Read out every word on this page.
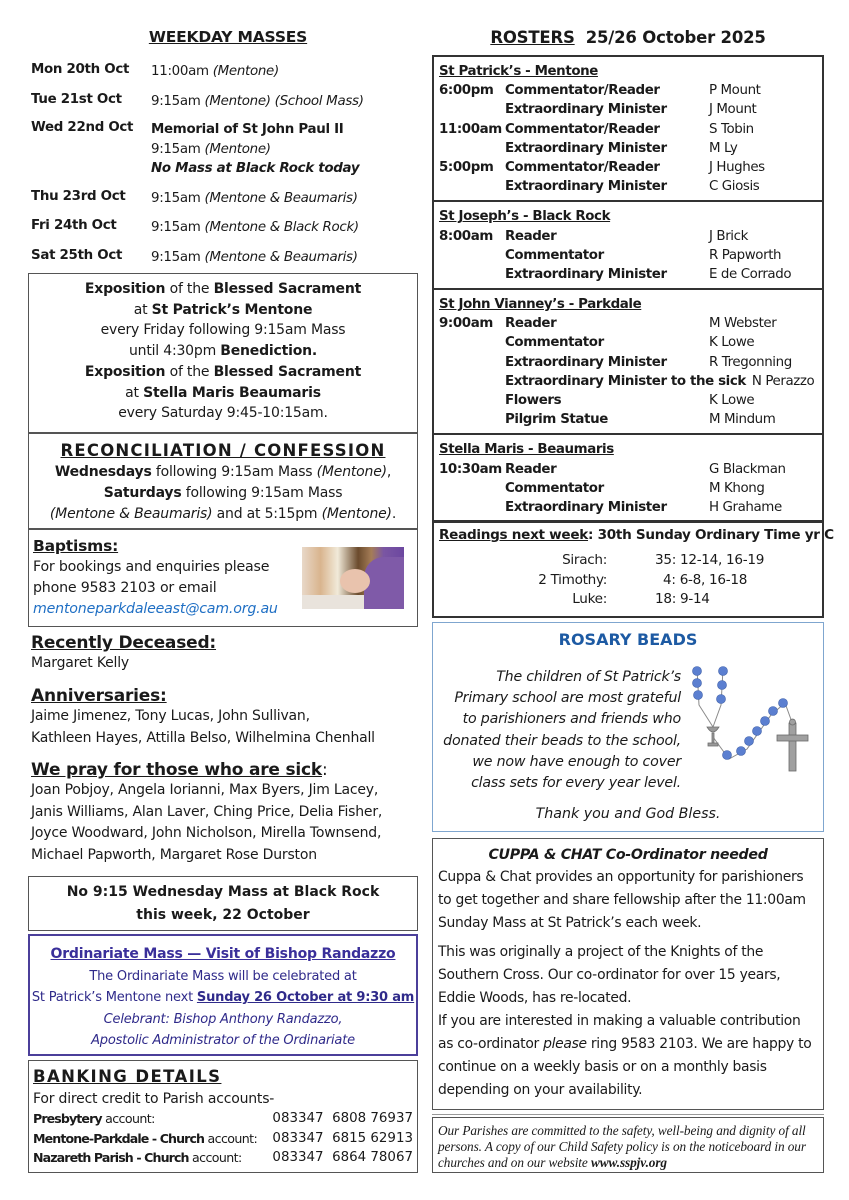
WEEKDAY MASSES
Mon 20th Oct	11:00am (Mentone)
Tue 21st Oct	9:15am (Mentone) (School Mass)
Wed 22nd Oct	Memorial of St John Paul II
9:15am (Mentone)
No Mass at Black Rock today
Thu 23rd Oct	9:15am (Mentone & Beaumaris)
Fri 24th Oct	9:15am (Mentone & Black Rock)
Sat 25th Oct	9:15am (Mentone & Beaumaris)
Exposition of the Blessed Sacrament
at St Patrick’s Mentone
every Friday following 9:15am Mass
until 4:30pm Benediction.
Exposition of the Blessed Sacrament
at Stella Maris Beaumaris
every Saturday 9:45-10:15am.
RECONCILIATION / CONFESSION
Wednesdays following 9:15am Mass (Mentone),
Saturdays following 9:15am Mass
(Mentone & Beaumaris) and at 5:15pm (Mentone).
Baptisms:
For bookings and enquiries please
phone 9583 2103 or email
mentoneparkdaleeast@cam.org.au
Recently Deceased:
Margaret Kelly
Anniversaries:
Jaime Jimenez, Tony Lucas, John Sullivan,
Kathleen Hayes, Attilla Belso, Wilhelmina Chenhall
We pray for those who are sick:
Joan Pobjoy, Angela Iorianni, Max Byers, Jim Lacey,
Janis Williams, Alan Laver, Ching Price, Delia Fisher,
Joyce Woodward, John Nicholson, Mirella Townsend,
Michael Papworth, Margaret Rose Durston
No 9:15 Wednesday Mass at Black Rock
this week, 22 October
Ordinariate Mass — Visit of Bishop Randazzo
The Ordinariate Mass will be celebrated at
St Patrick’s Mentone next Sunday 26 October at 9:30 am
Celebrant: Bishop Anthony Randazzo,
Apostolic Administrator of the Ordinariate
BANKING DETAILS
For direct credit to Parish accounts-
Presbytery account:	083347 6808 76937
Mentone-Parkdale - Church account:	083347 6815 62913
Nazareth Parish - Church account:	083347 6864 78067
ROSTERS 25/26 October 2025
St Patrick’s - Mentone
6:00pm Commentator/Reader	P Mount
Extraordinary Minister	J Mount
11:00am Commentator/Reader	S Tobin
Extraordinary Minister	M Ly
5:00pm Commentator/Reader	J Hughes
Extraordinary Minister	C Giosis
St Joseph’s - Black Rock
8:00am Reader	J Brick
Commentator	R Papworth
Extraordinary Minister	E de Corrado
St John Vianney’s - Parkdale
9:00am Reader	M Webster
Commentator	K Lowe
Extraordinary Minister	R Tregonning
Extraordinary Minister to the sick N Perazzo
Flowers	K Lowe
Pilgrim Statue	M Mindum
Stella Maris - Beaumaris
10:30am Reader	G Blackman
Commentator	M Khong
Extraordinary Minister	H Grahame
Readings next week: 30th Sunday Ordinary Time yr C
Sirach:	35: 12-14, 16-19
2 Timothy:	4: 6-8, 16-18
Luke:	18: 9-14
ROSARY BEADS
The children of St Patrick’s
Primary school are most grateful
to parishioners and friends who
donated their beads to the school,
we now have enough to cover
class sets for every year level.
Thank you and God Bless.
CUPPA & CHAT Co-Ordinator needed

Cuppa & Chat provides an opportunity for parishioners to get together and share fellowship after the 11:00am Sunday Mass at St Patrick’s each week.

This was originally a project of the Knights of the Southern Cross. Our co-ordinator for over 15 years, Eddie Woods, has re-located.
If you are interested in making a valuable contribution as co-ordinator please ring 9583 2103. We are happy to continue on a weekly basis or on a monthly basis depending on your availability.
Our Parishes are committed to the safety, well-being and dignity of all persons. A copy of our Child Safety policy is on the noticeboard in our churches and on our website www.sspjv.org
